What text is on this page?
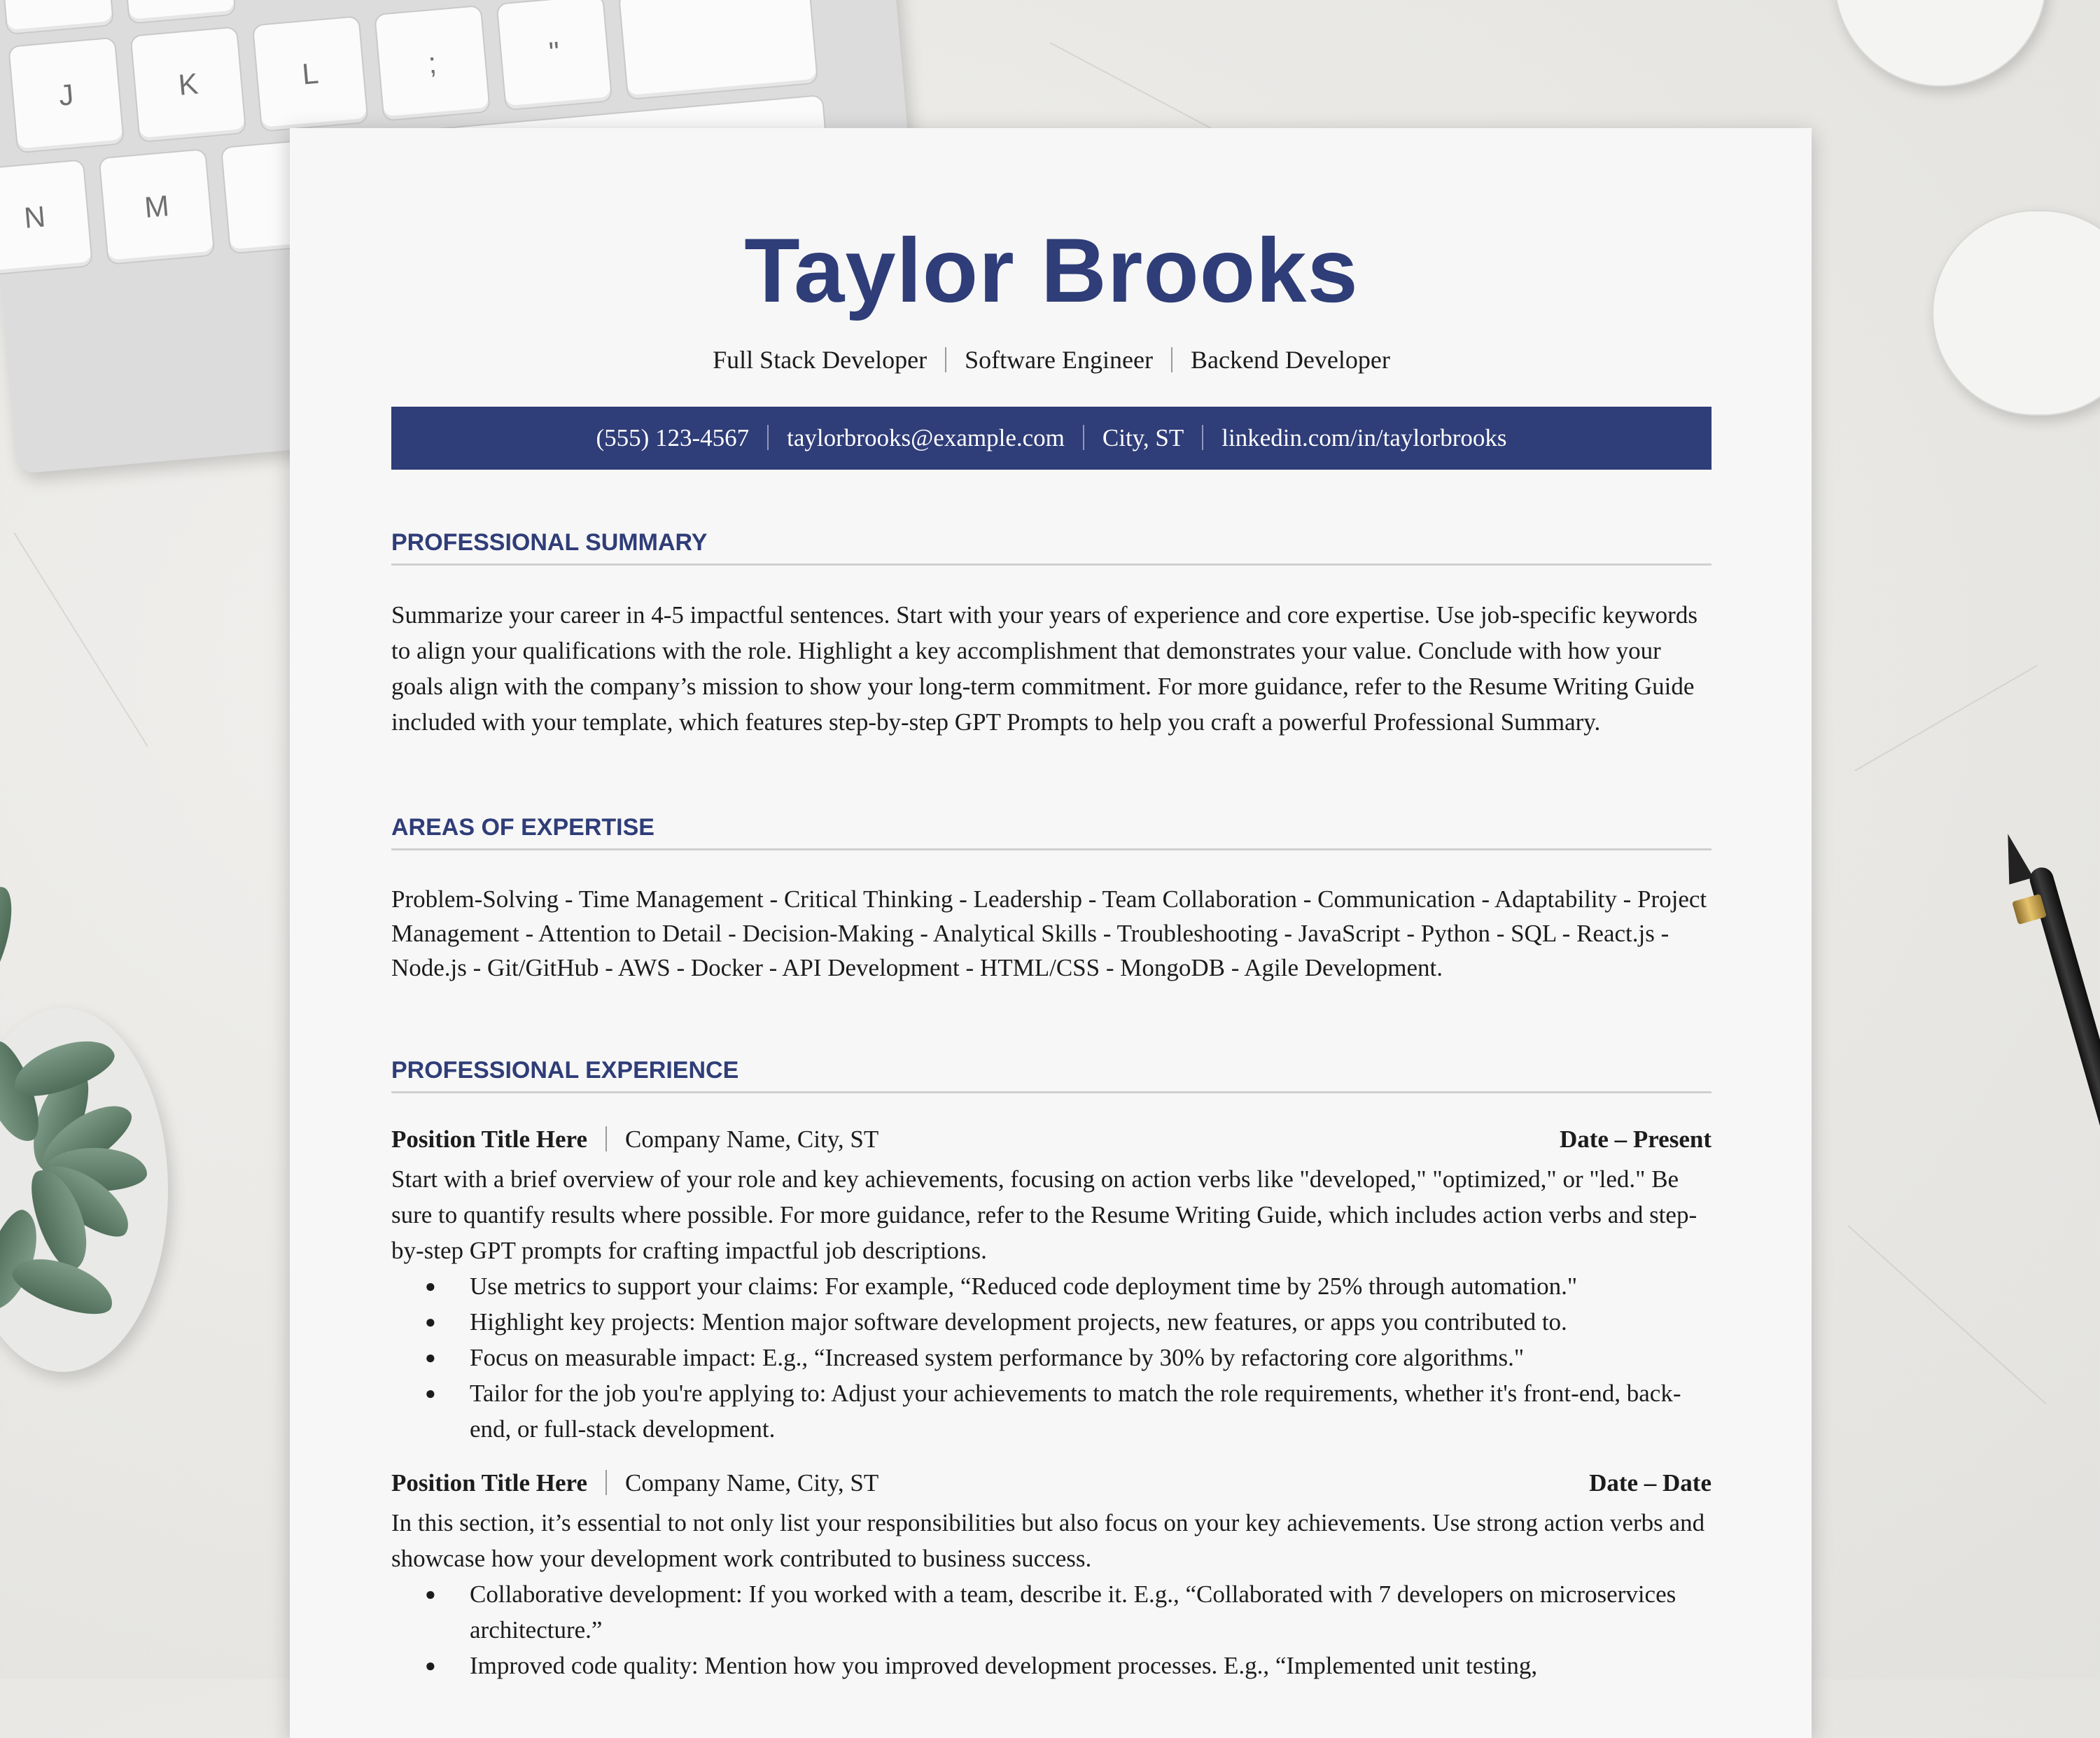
J	K	L	;	"
N	M
Taylor Brooks
Full Stack Developer Software Engineer Backend Developer
(555) 123-4567 taylorbrooks@example.com City, ST linkedin.com/in/taylorbrooks
PROFESSIONAL SUMMARY

Summarize your career in 4-5 impactful sentences. Start with your years of experience and core expertise. Use job-specific keywords to align your qualifications with the role. Highlight a key accomplishment that demonstrates your value. Conclude with how your goals align with the company’s mission to show your long-term commitment. For more guidance, refer to the Resume Writing Guide included with your template, which features step-by-step GPT Prompts to help you craft a powerful Professional Summary.

AREAS OF EXPERTISE

Problem-Solving - Time Management - Critical Thinking - Leadership - Team Collaboration - Communication - Adaptability - Project Management - Attention to Detail - Decision-Making - Analytical Skills - Troubleshooting - JavaScript - Python - SQL - React.js - Node.js - Git/GitHub - AWS - Docker - API Development - HTML/CSS - MongoDB - Agile Development.

PROFESSIONAL EXPERIENCE
Position Title Here Company Name, City, ST	Date – Present

Start with a brief overview of your role and key achievements, focusing on action verbs like "developed," "optimized," or "led." Be sure to quantify results where possible. For more guidance, refer to the Resume Writing Guide, which includes action verbs and step-by-step GPT prompts for crafting impactful job descriptions.

● Use metrics to support your claims: For example, “Reduced code deployment time by 25% through automation."
● Highlight key projects: Mention major software development projects, new features, or apps you contributed to.
● Focus on measurable impact: E.g., “Increased system performance by 30% by refactoring core algorithms."
● Tailor for the job you're applying to: Adjust your achievements to match the role requirements, whether it's front-end, back-end, or full-stack development.
Position Title Here Company Name, City, ST	Date – Date

In this section, it’s essential to not only list your responsibilities but also focus on your key achievements. Use strong action verbs and showcase how your development work contributed to business success.

● Collaborative development: If you worked with a team, describe it. E.g., “Collaborated with 7 developers on microservices architecture.”
● Improved code quality: Mention how you improved development processes. E.g., “Implemented unit testing,
